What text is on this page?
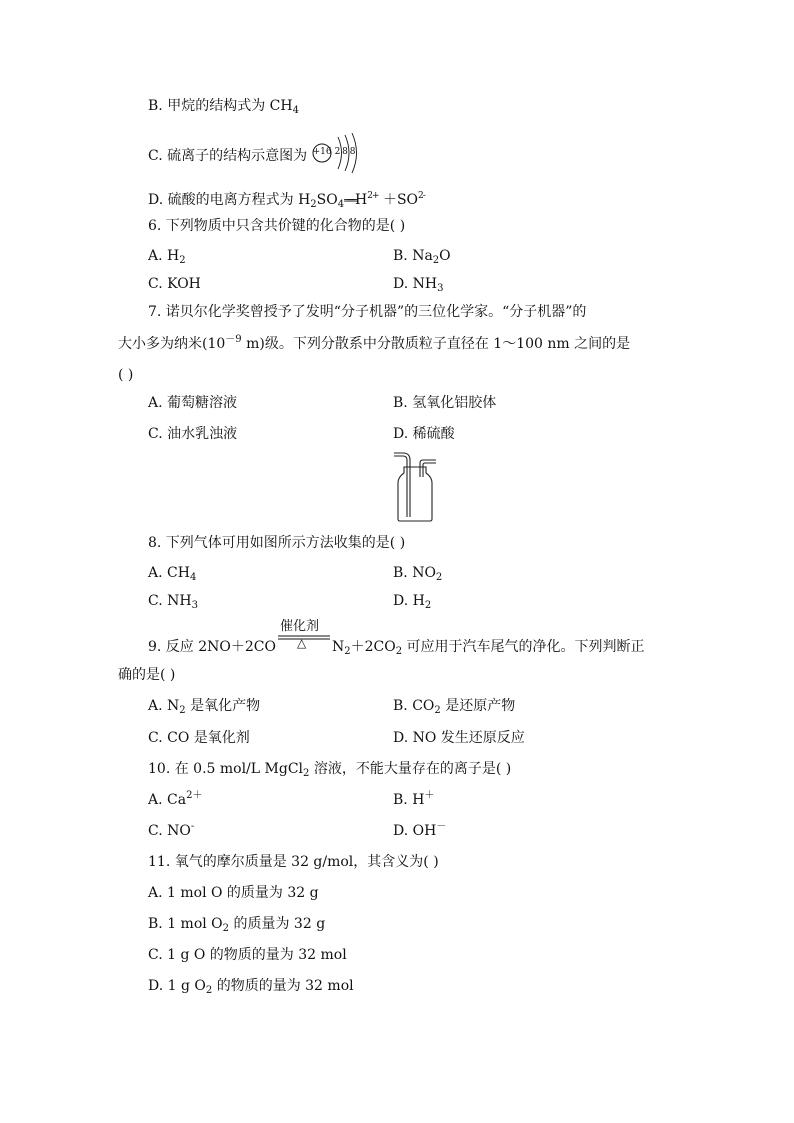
B. 甲烷的结构式为 $CH_4$
C. 硫离子的结构示意图为 +16 2 8 8
D. 硫酸的电离方程式为 $H_2SO_4═══H^{2+} +SO^{2-}$
6. 下列物质中只含共价键的化合物的是( )
A. $H_2$	B. $Na_2O$
C. KOH	D. $NH_3$
7. 诺贝尔化学奖曾授予了发明“分子机器”的三位化学家。“分子机器”的
大小多为纳米($10^{-9}$ m)级。下列分散系中分散质粒子直径在 1～100 nm 之间的是
( )
A. 葡萄糖溶液	B. 氢氧化铝胶体
C. 油水乳浊液	D. 稀硫酸
8. 下列气体可用如图所示方法收集的是( )
A. $CH_4$	B. $NO_2$
C. $NH_3$	D. $H_2$
9. 反应 2NO＋2CO
催化剂
△ $N_2+2CO_2$ 可应用于汽车尾气的净化。下列判断正
确的是( )
A. $N_2$ 是氧化产物	B. $CO_2$ 是还原产物
C. CO 是氧化剂	D. NO 发生还原反应
10. 在 0.5 mol/L MgCl$_2$ 溶液，不能大量存在的离子是( )
A. $Ca^{2+}$	B. H＋
C. NO-	D. OH－
11. 氧气的摩尔质量是 32 g/mol，其含义为( )
A. 1 mol O 的质量为 32 g
B. 1 mol $O_2$ 的质量为 32 g
C. 1 g O 的物质的量为 32 mol
D. 1 g $O_2$ 的物质的量为 32 mol
